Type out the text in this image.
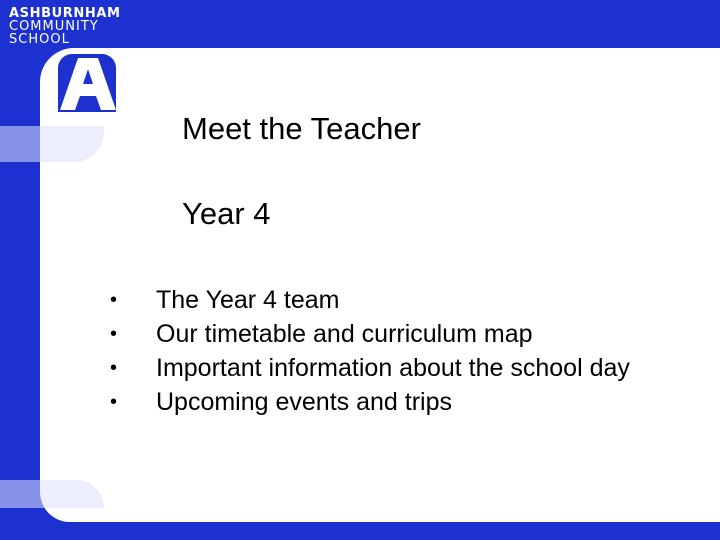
ASHBURNHAM
COMMUNITY
SCHOOL
Meet the Teacher
Year 4
• The Year 4 team
• Our timetable and curriculum map
• Important information about the school day
• Upcoming events and trips
